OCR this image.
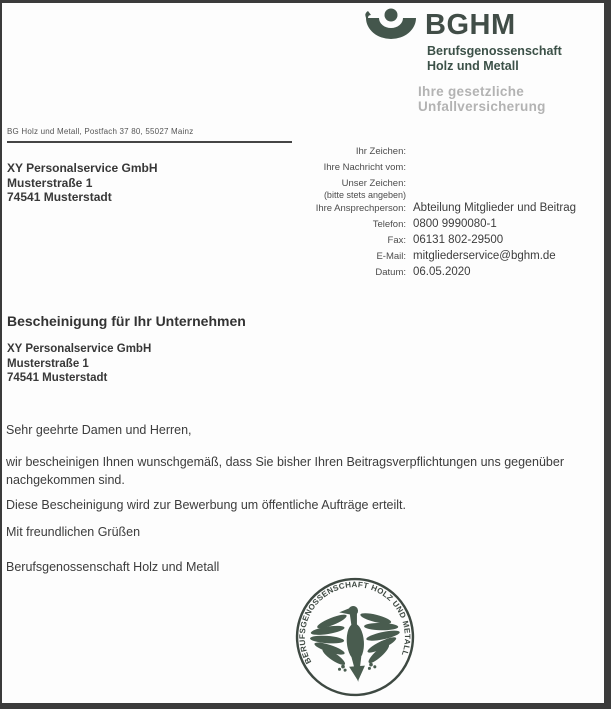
BGHM
Berufsgenossenschaft
Holz und Metall
Ihre gesetzliche Unfallversicherung
BG Holz und Metall, Postfach 37 80, 55027 Mainz
XY Personalservice GmbH
Musterstraße 1
74541 Musterstadt
Ihr Zeichen:
Ihre Nachricht vom:
Unser Zeichen:
(bitte stets angeben)
Ihre Ansprechperson: Abteilung Mitglieder und Beitrag
Telefon: 0800 9990080-1
Fax: 06131 802-29500
E-Mail: mitgliederservice@bghm.de
Datum: 06.05.2020
Bescheinigung für Ihr Unternehmen
XY Personalservice GmbH
Musterstraße 1
74541 Musterstadt
Sehr geehrte Damen und Herren,
wir bescheinigen Ihnen wunschgemäß, dass Sie bisher Ihren Beitragsverpflichtungen uns gegenüber nachgekommen sind.
Diese Bescheinigung wird zur Bewerbung um öffentliche Aufträge erteilt.
Mit freundlichen Grüßen
Berufsgenossenschaft Holz und Metall
BERUFSGENOSSENSCHAFT HOLZ UND METALL
